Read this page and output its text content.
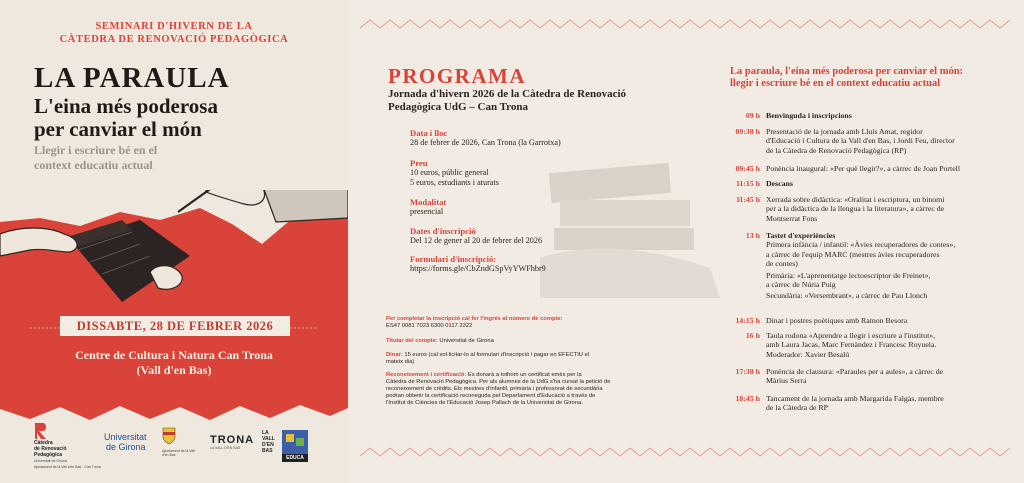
SEMINARI D'HIVERN DE LA
CÀTEDRA DE RENOVACIÓ PEDAGÒGICA
LA PARAULA
L'eina més poderosa
per canviar el món
Llegir i escriure bé en el
context educatiu actual
DISSABTE, 28 DE FEBRER 2026
Centre de Cultura i Natura Can Trona
(Vall d'en Bas)
Càtedra
de Renovació
Pedagògica
Universitat de Girona
Ajuntament de la Vall d'en Bas · Can Trona
Universitat
de Girona	Ajuntament de la Vall d'en Bas
TRONA
LA VALL D'EN BAS
LA
VALL
D'EN
BAS
EDUCA
PROGRAMA
Jornada d'hivern 2026 de la Càtedra de Renovació
Pedagògica UdG – Can Trona
Data i lloc
28 de febrer de 2026, Can Trona (la Garrotxa)
Preu
10 euros, públic general
5 euros, estudiants i aturats
Modalitat
presencial
Dates d'inscripció
Del 12 de gener al 20 de febrer del 2026
Formulari d'inscripció:
https://forms.gle/CbZndGSpVyYWFhbr9
Per completar la inscripció cal fer l'ingrés al número de compte:
ES47 0081 7023 6300 0117 2322
Titular del compte: Universitat de Girona
Dinar: 15 euros (cal sol·licitar-lo al formulari d'inscripció i pagar en EFECTIU el
mateix dia)
Reconeixement i certificació: Es donarà a tothom un certificat emès per la
Càtedra de Renovació Pedagògica. Per als alumnes de la UdG s'ha cursat la petició de
reconeixement de crèdits. Els mestres d'infantil, primària i professorat de secundària
podran obtenir la certificació reconeguda pel Departament d'Educació a través de
l'Institut de Ciències de l'Educació Josep Pallach de la Universitat de Girona.
La paraula, l'eina més poderosa per canviar el món:
llegir i escriure bé en el context educatiu actual
09 h Benvinguda i inscripcions
09:30 h Presentació de la jornada amb Lluís Amat, regidor
d'Educació i Cultura de la Vall d'en Bas, i Jordi Feu, director
de la Càtedra de Renovació Pedagògica (RP)
09:45 h Ponència inaugural: «Per què llegir?», a càrrec de Joan Portell
11:15 h Descans
11:45 h Xerrada sobre didàctica: «Oralitat i escriptura, un binomi
per a la didàctica de la llengua i la literatura», a càrrec de
Montserrat Fons
13 h Tastet d'experiències
Primera infància / infantil: «Àvies recuperadores de contes»,
a càrrec de l'equip MARC (mestres àvies recuperadores
de contes)
Primària: «L'aprenentatge lectoescriptor de Freinet»,
a càrrec de Núria Puig
Secundària: «Versembrant», a càrrec de Pau Llonch
14:15 h Dinar i postres poètiques amb Ramon Besora
16 h Taula rodona «Aprendre a llegir i escriure a l'institut»,
amb Laura Jacas, Marc Fernàndez i Francesc Royuela.
Moderador: Xavier Besalú
17:30 h Ponència de clausura: «Paraules per a aules», a càrrec de
Màrius Serra
18:45 h Tancament de la jornada amb Margarida Falgàs, membre
de la Càtedra de RP
